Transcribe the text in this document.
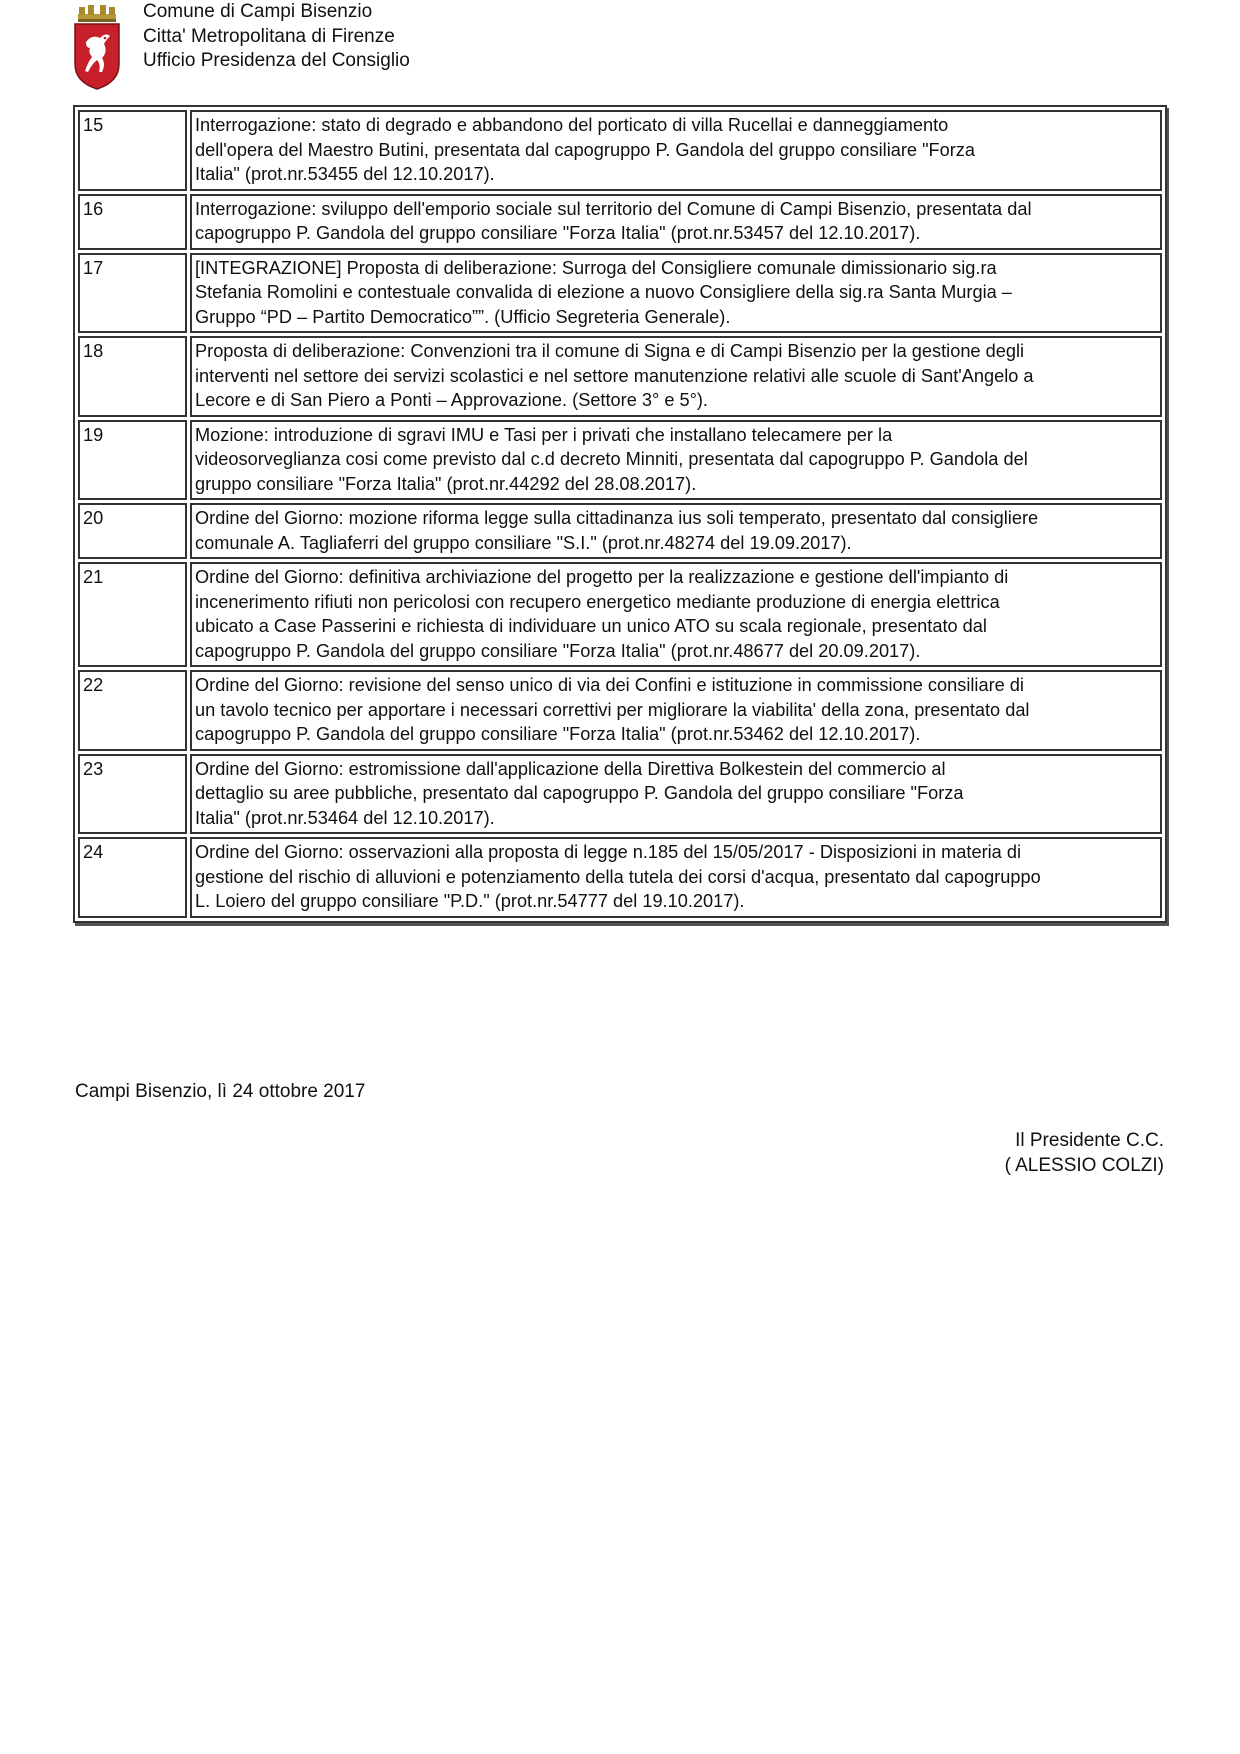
Comune di Campi Bisenzio
Citta' Metropolitana di Firenze
Ufficio Presidenza del Consiglio
15	Interrogazione: stato di degrado e abbandono del porticato di villa Rucellai e danneggiamento
dell'opera del Maestro Butini, presentata dal capogruppo P. Gandola del gruppo consiliare "Forza
Italia" (prot.nr.53455 del 12.10.2017).

16	Interrogazione: sviluppo dell'emporio sociale sul territorio del Comune di Campi Bisenzio, presentata dal
capogruppo P. Gandola del gruppo consiliare "Forza Italia" (prot.nr.53457 del 12.10.2017).

17	[INTEGRAZIONE] Proposta di deliberazione: Surroga del Consigliere comunale dimissionario sig.ra
Stefania Romolini e contestuale convalida di elezione a nuovo Consigliere della sig.ra Santa Murgia –
Gruppo “PD – Partito Democratico””. (Ufficio Segreteria Generale).

18	Proposta di deliberazione: Convenzioni tra il comune di Signa e di Campi Bisenzio per la gestione degli
interventi nel settore dei servizi scolastici e nel settore manutenzione relativi alle scuole di Sant'Angelo a
Lecore e di San Piero a Ponti – Approvazione. (Settore 3° e 5°).

19	Mozione: introduzione di sgravi IMU e Tasi per i privati che installano telecamere per la
videosorveglianza cosi come previsto dal c.d decreto Minniti, presentata dal capogruppo P. Gandola del
gruppo consiliare "Forza Italia" (prot.nr.44292 del 28.08.2017).

20	Ordine del Giorno: mozione riforma legge sulla cittadinanza ius soli temperato, presentato dal consigliere
comunale A. Tagliaferri del gruppo consiliare "S.I." (prot.nr.48274 del 19.09.2017).

21	Ordine del Giorno: definitiva archiviazione del progetto per la realizzazione e gestione dell'impianto di
incenerimento rifiuti non pericolosi con recupero energetico mediante produzione di energia elettrica
ubicato a Case Passerini e richiesta di individuare un unico ATO su scala regionale, presentato dal
capogruppo P. Gandola del gruppo consiliare "Forza Italia" (prot.nr.48677 del 20.09.2017).

22	Ordine del Giorno: revisione del senso unico di via dei Confini e istituzione in commissione consiliare di
un tavolo tecnico per apportare i necessari correttivi per migliorare la viabilita' della zona, presentato dal
capogruppo P. Gandola del gruppo consiliare "Forza Italia" (prot.nr.53462 del 12.10.2017).

23	Ordine del Giorno: estromissione dall'applicazione della Direttiva Bolkestein del commercio al
dettaglio su aree pubbliche, presentato dal capogruppo P. Gandola del gruppo consiliare "Forza
Italia" (prot.nr.53464 del 12.10.2017).

24	Ordine del Giorno: osservazioni alla proposta di legge n.185 del 15/05/2017 - Disposizioni in materia di
gestione del rischio di alluvioni e potenziamento della tutela dei corsi d'acqua, presentato dal capogruppo
L. Loiero del gruppo consiliare "P.D." (prot.nr.54777 del 19.10.2017).
Campi Bisenzio, lì 24 ottobre 2017
Il Presidente C.C.
( ALESSIO COLZI)
